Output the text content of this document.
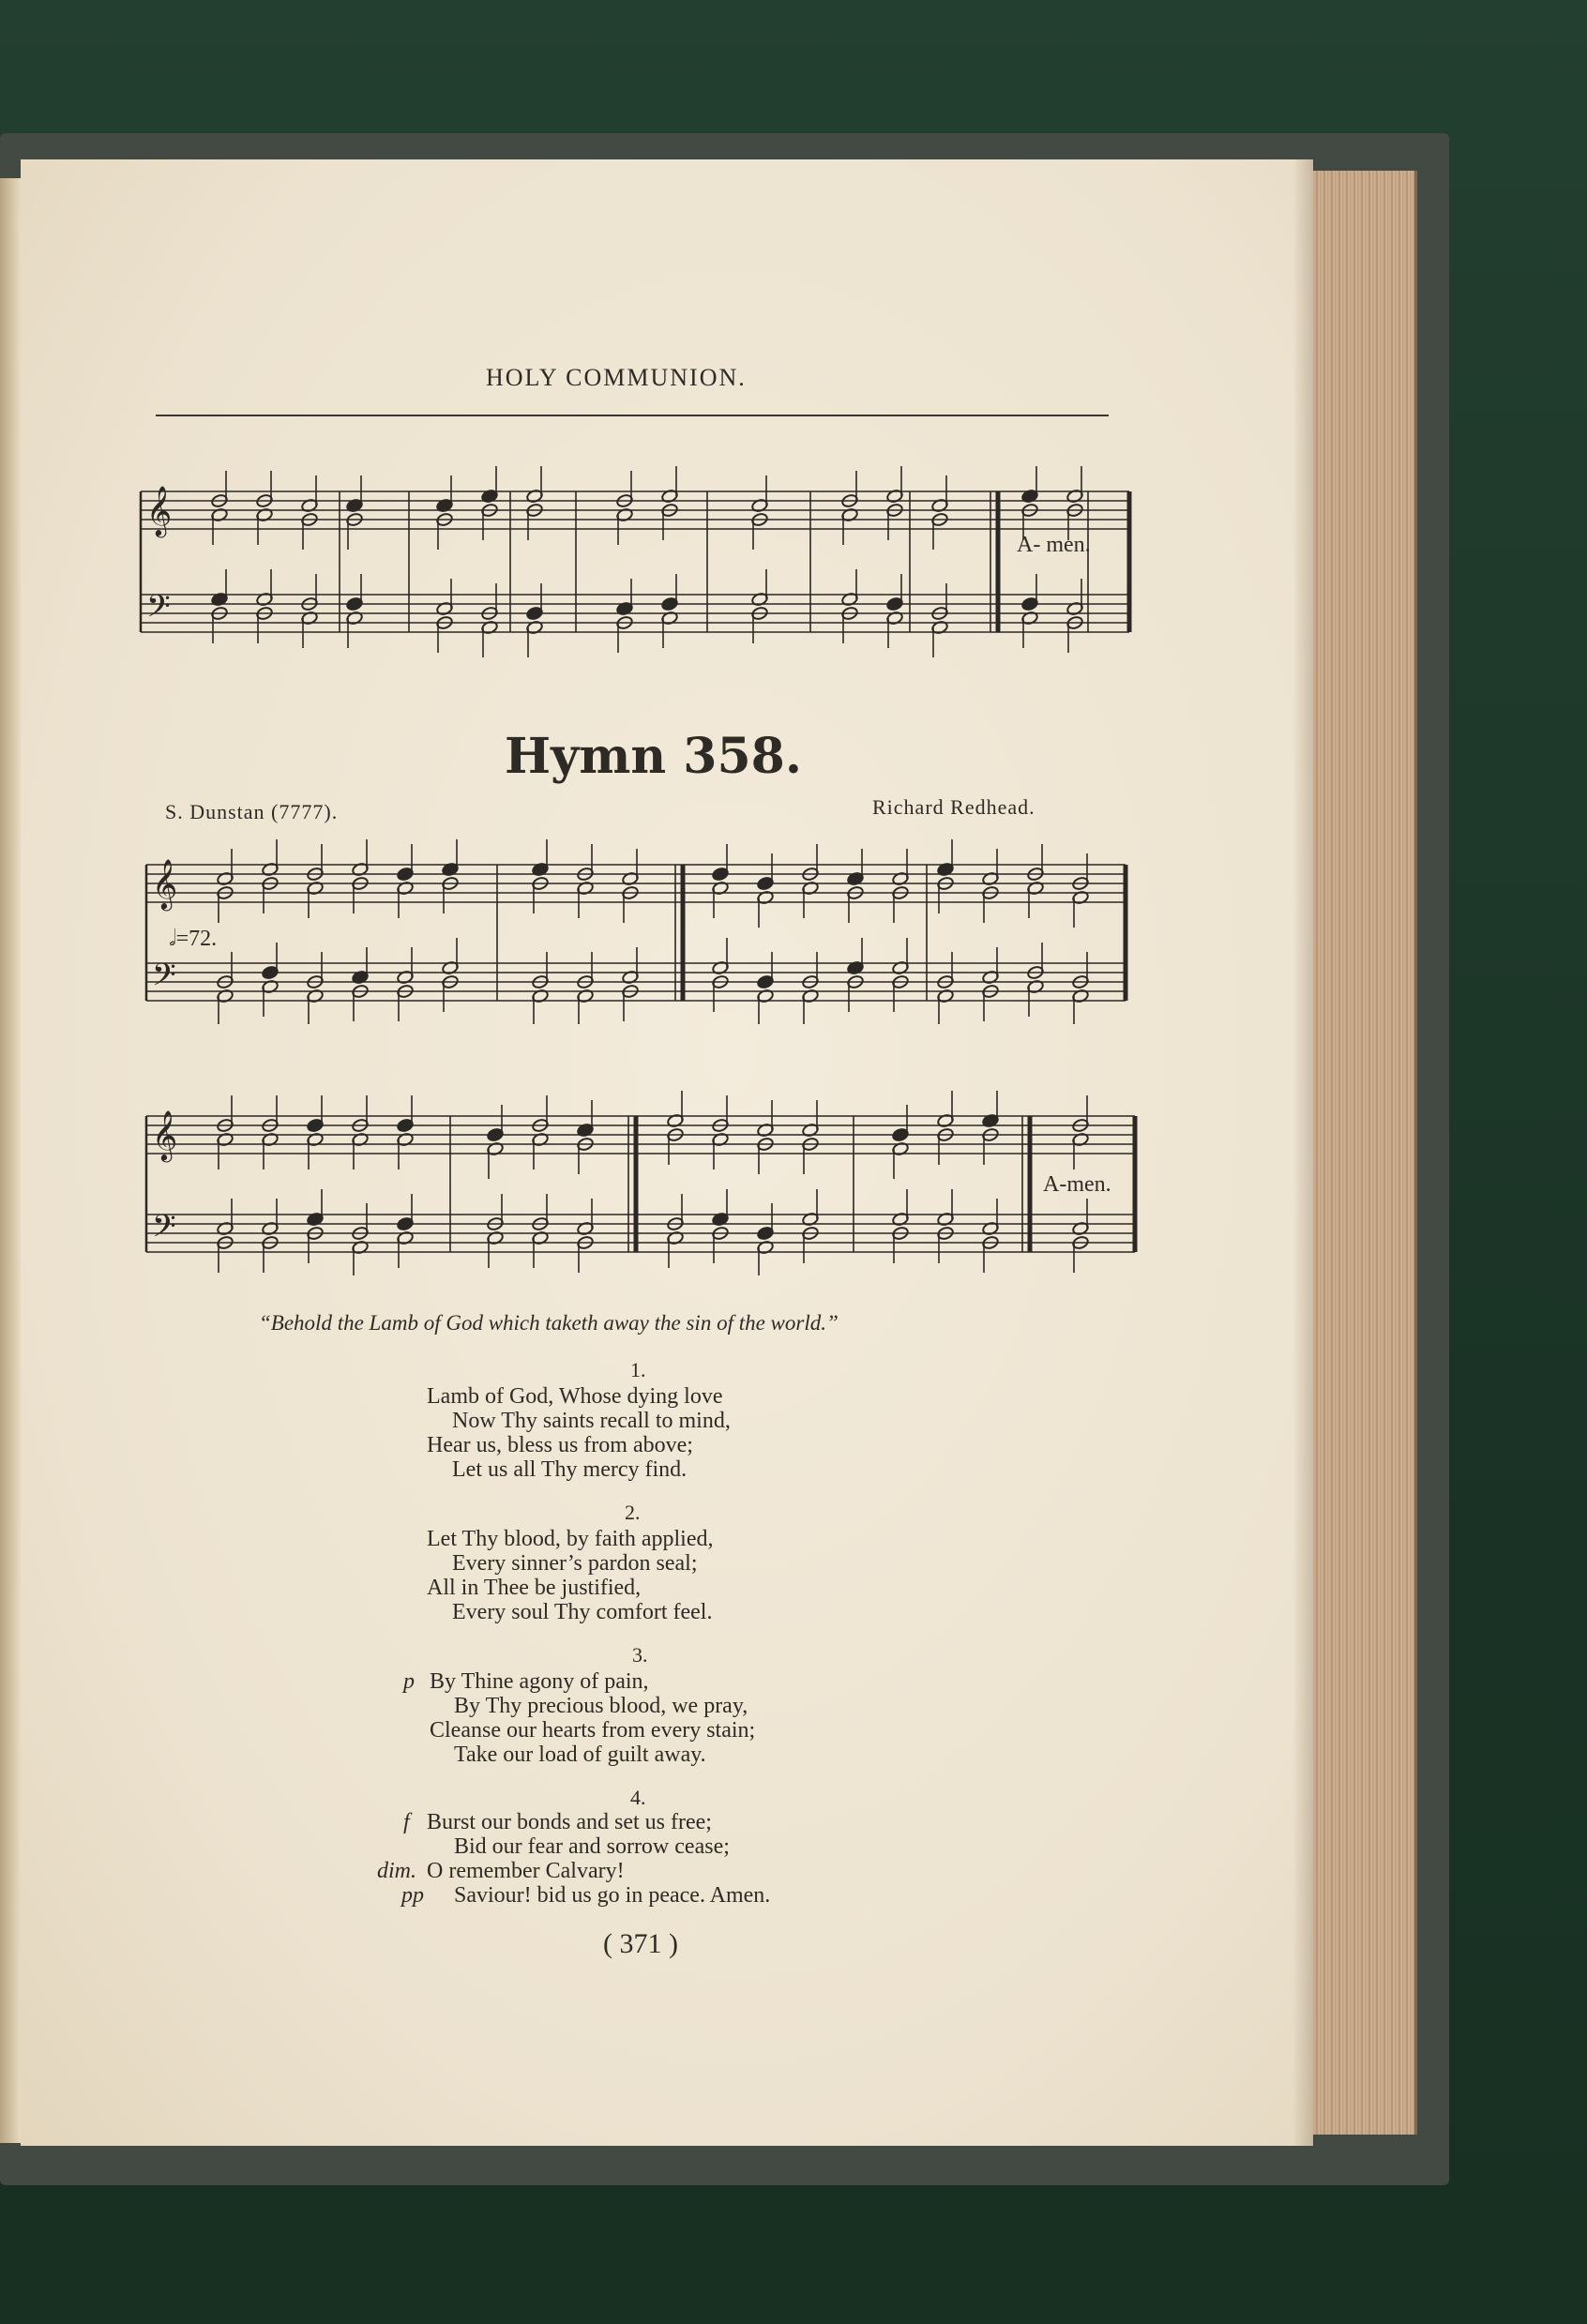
HOLY COMMUNION.
𝄞
𝄢
A- men.
Hymn 358.
S. Dunstan (7777).	Richard Redhead.
𝄞
𝄢
𝅗𝅥=72.
𝄞
𝄢
A-men.
“Behold the Lamb of God which taketh away the sin of the world.”
1.
Lamb of God, Whose dying love
Now Thy saints recall to mind,
Hear us, bless us from above;
Let us all Thy mercy find.
2.
Let Thy blood, by faith applied,
Every sinner’s pardon seal;
All in Thee be justified,
Every soul Thy comfort feel.
3.
p By Thine agony of pain,
By Thy precious blood, we pray,
Cleanse our hearts from every stain;
Take our load of guilt away.
4.
f Burst our bonds and set us free;
Bid our fear and sorrow cease;
dim. O remember Calvary!
pp Saviour! bid us go in peace. Amen.
( 371 )
